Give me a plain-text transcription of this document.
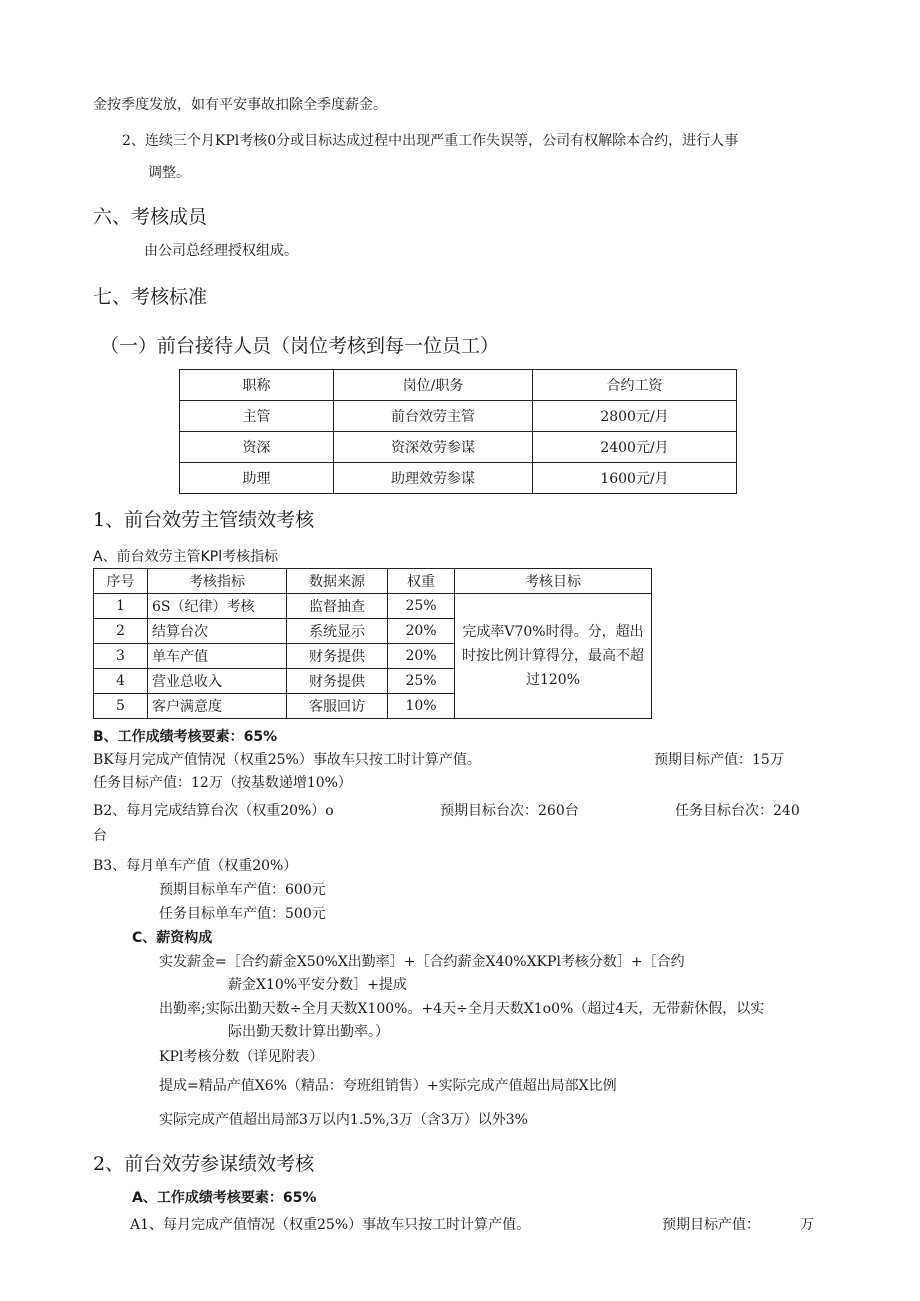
金按季度发放，如有平安事故扣除全季度薪金。
2、连续三个月KPl考核0分或目标达成过程中出现严重工作失误等，公司有权解除本合约，进行人事
调整。
六、考核成员
由公司总经理授权组成。
七、考核标准
（一）前台接待人员（岗位考核到每一位员工）
职称	岗位/职务	合约工资
主管	前台效劳主管	2800元/月
资深	资深效劳参谋	2400元/月
助理	助理效劳参谋	1600元/月
1、前台效劳主管绩效考核
A、前台效劳主管KPl考核指标
序号	考核指标	数据来源	权重	考核目标
1	6S（纪律）考核	监督抽查	25%	完成率V70%时得。分，超出时按比例计算得分，最高不超过120%
2	结算台次	系统显示	20%	
3	单车产值	财务提供	20%	
4	营业总收入	财务提供	25%	
5	客户满意度	客服回访	10%	
B、工作成绩考核要素：65%
BK每月完成产值情况（权重25%）事故车只按工时计算产值。	预期目标产值：15万
任务目标产值：12万（按基数递增10%）
B2、每月完成结算台次（权重20%）o	预期目标台次：260台	任务目标台次：240
台
B3、每月单车产值（权重20%）
预期目标单车产值：600元
任务目标单车产值：500元
C、薪资构成
实发薪金=［合约薪金X50%X出勤率］+［合约薪金X40%XKPl考核分数］+［合约
薪金X10%平安分数］+提成
出勤率;实际出勤天数÷全月天数X100%。+4天÷全月天数X1o0%（超过4天，无带薪休假，以实
际出勤天数计算出勤率。）
KPl考核分数（详见附表）
提成=精品产值X6%（精品：夸班组销售）+实际完成产值超出局部X比例
实际完成产值超出局部3万以内1.5%,3万（含3万）以外3%
2、前台效劳参谋绩效考核
A、工作成绩考核要素：65%
A1、每月完成产值情况（权重25%）事故车只按工时计算产值。	预期目标产值：	万
